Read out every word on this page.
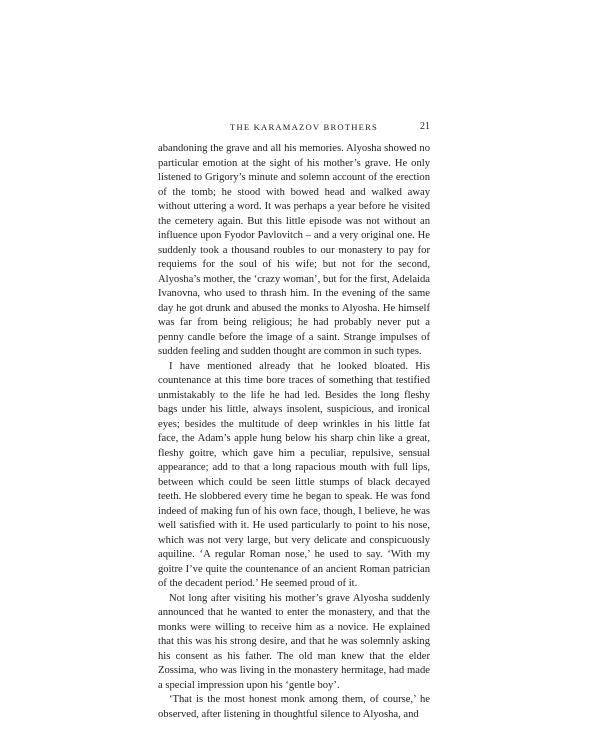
THE KARAMAZOV BROTHERS	21

abandoning the grave and all his memories. Alyosha showed no particular emotion at the sight of his mother’s grave. He only listened to Grigory’s minute and solemn account of the erection of the tomb; he stood with bowed head and walked away without uttering a word. It was perhaps a year before he visited the cemetery again. But this little episode was not without an influence upon Fyodor Pavlovitch – and a very original one. He suddenly took a thousand roubles to our monastery to pay for requiems for the soul of his wife; but not for the second, Alyosha’s mother, the ‘crazy woman’, but for the first, Adelaida Ivanovna, who used to thrash him. In the evening of the same day he got drunk and abused the monks to Alyosha. He himself was far from being religious; he had probably never put a penny candle before the image of a saint. Strange impulses of sudden feeling and sudden thought are common in such types.

I have mentioned already that he looked bloated. His countenance at this time bore traces of something that testified unmistakably to the life he had led. Besides the long fleshy bags under his little, always insolent, suspicious, and ironical eyes; besides the multitude of deep wrinkles in his little fat face, the Adam’s apple hung below his sharp chin like a great, fleshy goitre, which gave him a peculiar, repulsive, sensual appearance; add to that a long rapacious mouth with full lips, between which could be seen little stumps of black decayed teeth. He slobbered every time he began to speak. He was fond indeed of making fun of his own face, though, I believe, he was well satisfied with it. He used particularly to point to his nose, which was not very large, but very delicate and conspicuously aquiline. ‘A regular Roman nose,’ he used to say. ‘With my goitre I’ve quite the countenance of an ancient Roman patrician of the decadent period.’ He seemed proud of it.

Not long after visiting his mother’s grave Alyosha suddenly announced that he wanted to enter the monastery, and that the monks were willing to receive him as a novice. He explained that this was his strong desire, and that he was solemnly asking his consent as his father. The old man knew that the elder Zossima, who was living in the monastery hermitage, had made a special impression upon his ‘gentle boy’.

‘That is the most honest monk among them, of course,’ he observed, after listening in thoughtful silence to Alyosha, and
